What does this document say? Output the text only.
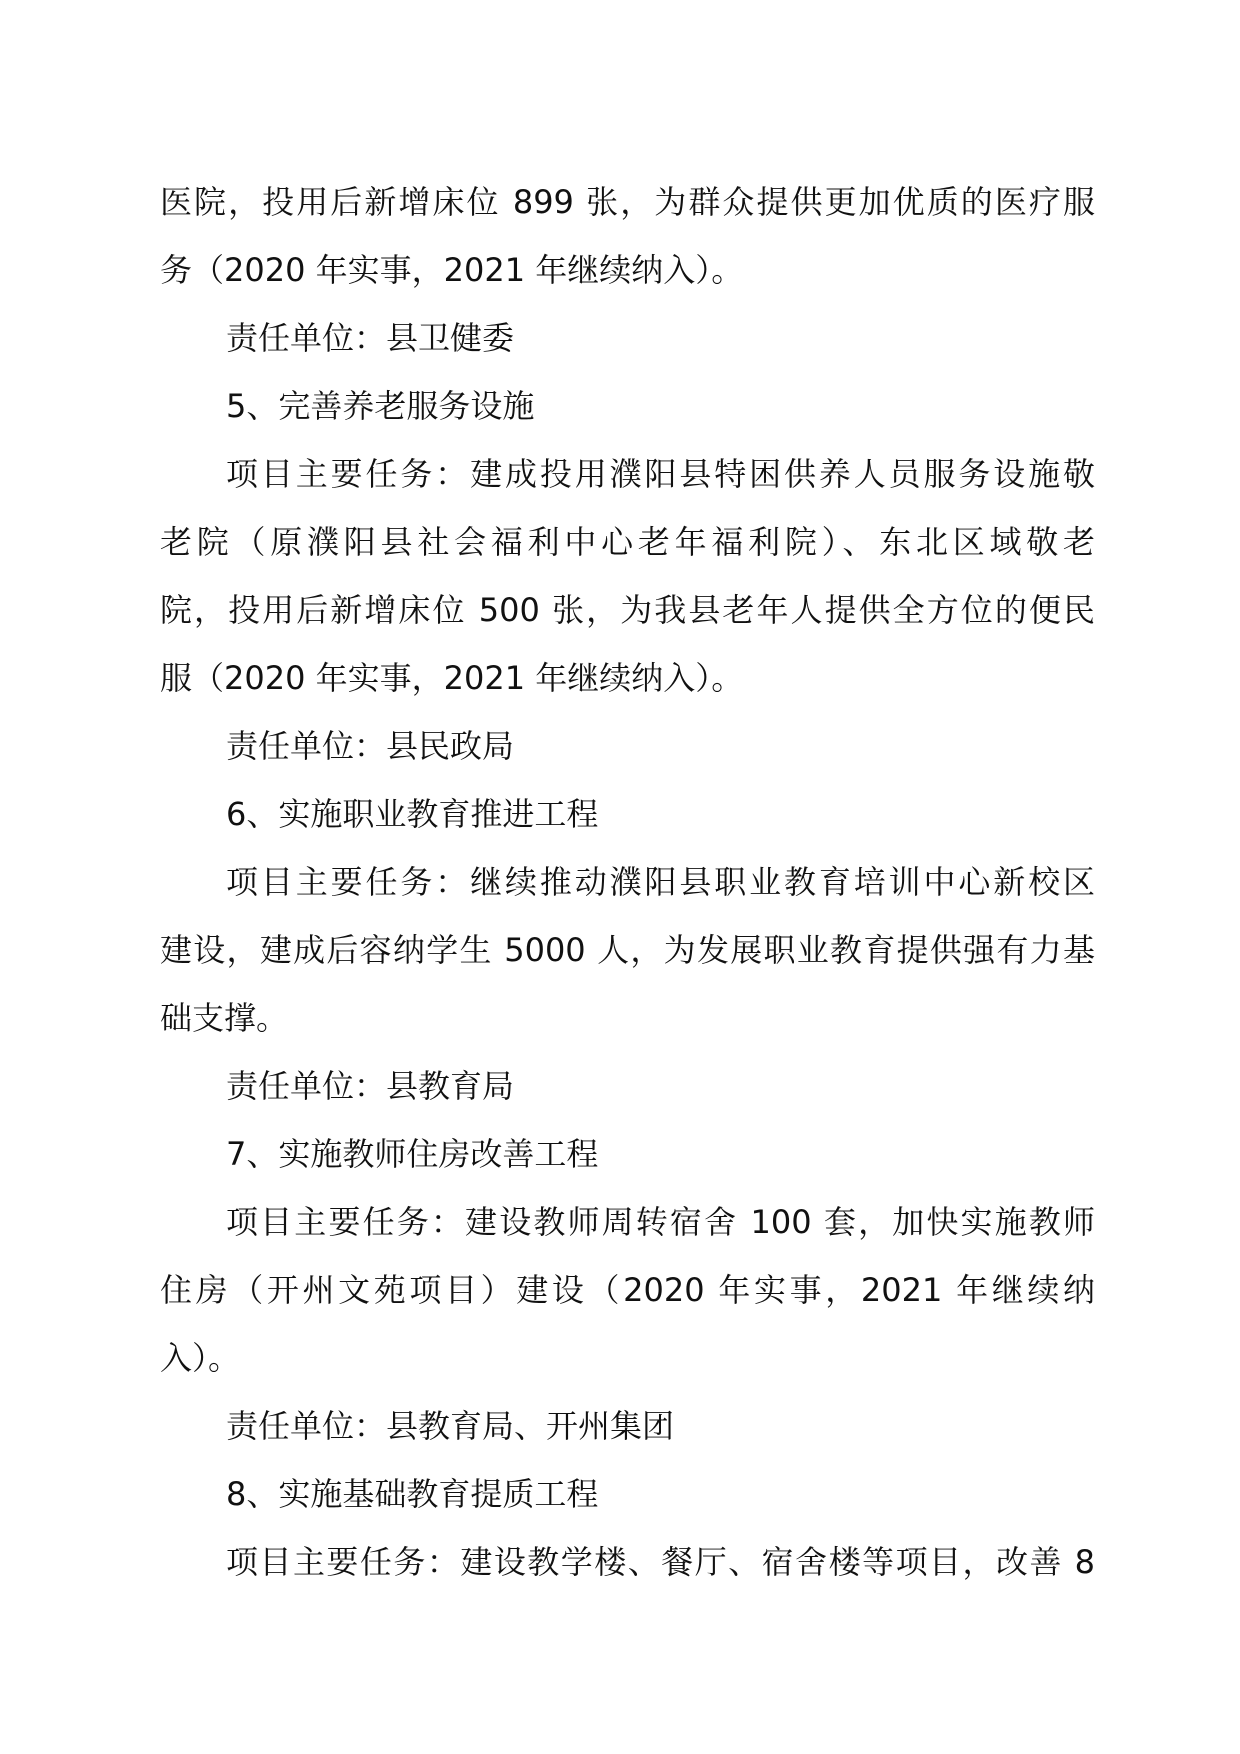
医院，投用后新增床位 899 张，为群众提供更加优质的医疗服
务（2020 年实事，2021 年继续纳入）。
责任单位：县卫健委
5、完善养老服务设施
项目主要任务：建成投用濮阳县特困供养人员服务设施敬
老院（原濮阳县社会福利中心老年福利院）、东北区域敬老
院，投用后新增床位 500 张，为我县老年人提供全方位的便民
服（2020 年实事，2021 年继续纳入）。
责任单位：县民政局
6、实施职业教育推进工程
项目主要任务：继续推动濮阳县职业教育培训中心新校区
建设，建成后容纳学生 5000 人，为发展职业教育提供强有力基
础支撑。
责任单位：县教育局
7、实施教师住房改善工程
项目主要任务：建设教师周转宿舍 100 套，加快实施教师
住房（开州文苑项目）建设（2020 年实事，2021 年继续纳
入）。
责任单位：县教育局、开州集团
8、实施基础教育提质工程
项目主要任务：建设教学楼、餐厅、宿舍楼等项目，改善 8
